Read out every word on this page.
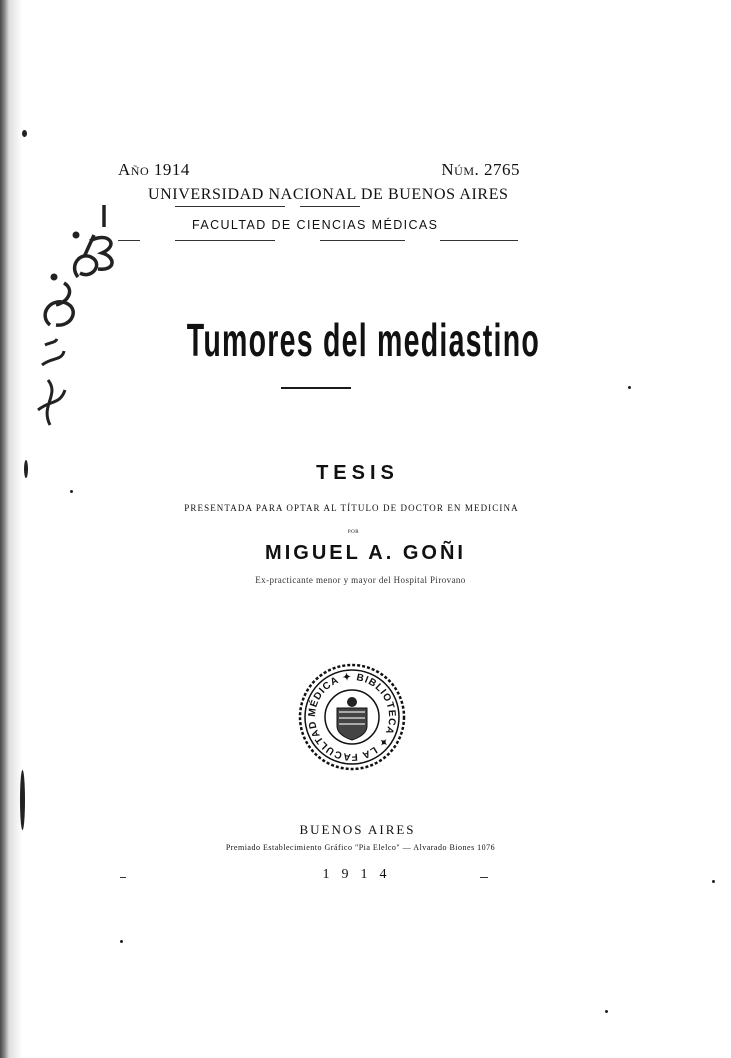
Año 1914	Núm. 2765
UNIVERSIDAD NACIONAL DE BUENOS AIRES
FACULTAD DE CIENCIAS MÉDICAS
Tumores del mediastino
TESIS
PRESENTADA PARA OPTAR AL TÍTULO DE DOCTOR EN MEDICINA
POR
MIGUEL A. GOÑI
Ex-practicante menor y mayor del Hospital Pirovano
MÉDICA ✦ BIBLIOTECA ✦ LA FACULTAD
BUENOS AIRES
Premiado Establecimiento Gráfico "Pia Elelco" — Alvarado Biones 1076
1914
